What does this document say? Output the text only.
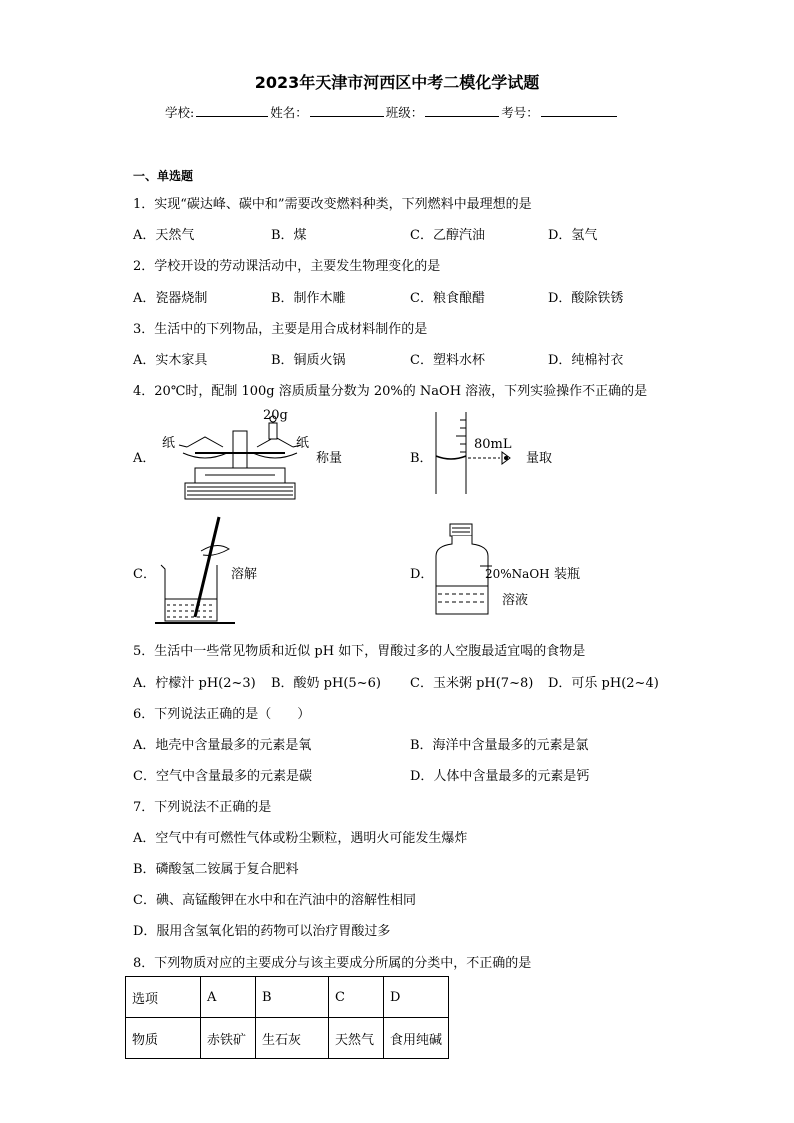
2023年天津市河西区中考二模化学试题
学校:	姓名：	班级：	考号：
一、单选题
1．实现“碳达峰、碳中和”需要改变燃料种类，下列燃料中最理想的是
A．天然气	B．煤	C．乙醇汽油	D．氢气
2．学校开设的劳动课活动中，主要发生物理变化的是
A．瓷器烧制	B．制作木雕	C．粮食酿醋	D．酸除铁锈
3．生活中的下列物品，主要是用合成材料制作的是
A．实木家具	B．铜质火锅	C．塑料水杯	D．纯棉衬衣
4．20℃时，配制 100g 溶质质量分数为 20%的 NaOH 溶液，下列实验操作不正确的是
A．
20g
纸	纸
称量	B．
80mL
量取
C．	溶解	D．	20%NaOH 装瓶
溶液
5．生活中一些常见物质和近似 pH 如下，胃酸过多的人空腹最适宜喝的食物是
A．柠檬汁 pH(2~3) B．酸奶 pH(5~6) C．玉米粥 pH(7~8) D．可乐 pH(2~4)
6．下列说法正确的是（　　）
A．地壳中含量最多的元素是氧	B．海洋中含量最多的元素是氯
C．空气中含量最多的元素是碳	D．人体中含量最多的元素是钙
7．下列说法不正确的是
A．空气中有可燃性气体或粉尘颗粒，遇明火可能发生爆炸
B．磷酸氢二铵属于复合肥料
C．碘、高锰酸钾在水中和在汽油中的溶解性相同
D．服用含氢氧化铝的药物可以治疗胃酸过多
8．下列物质对应的主要成分与该主要成分所属的分类中，不正确的是
选项	A	B	C	D
物质	赤铁矿	生石灰	天然气	食用纯碱
